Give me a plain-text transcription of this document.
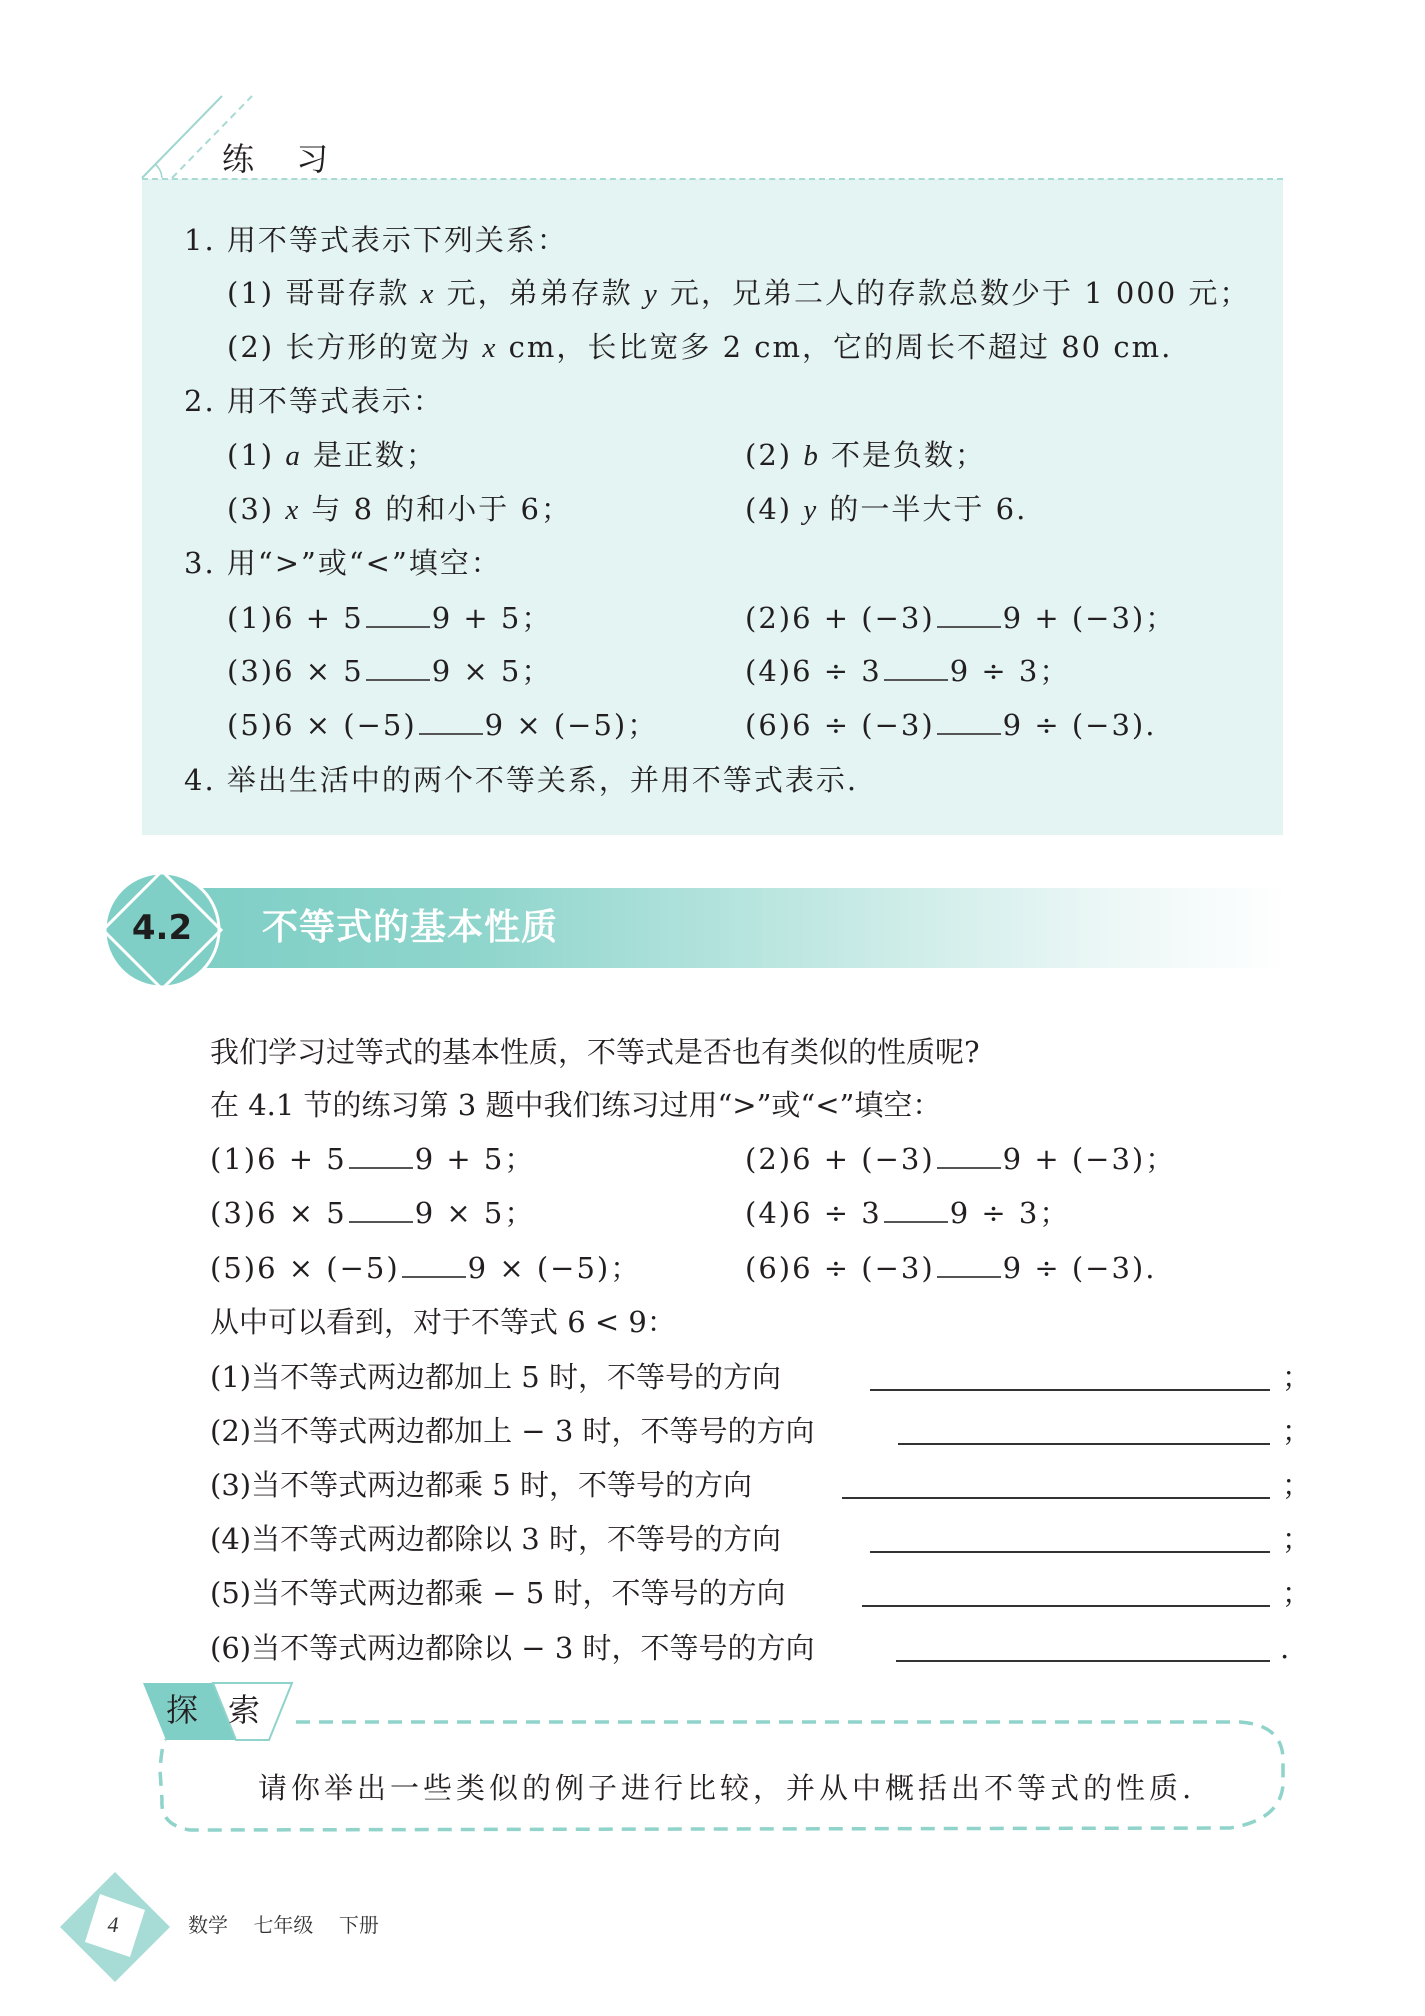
练 习
1. 用不等式表示下列关系：
(1) 哥哥存款 x 元，弟弟存款 y 元，兄弟二人的存款总数少于 1 000 元；
(2) 长方形的宽为 x cm，长比宽多 2 cm，它的周长不超过 80 cm.
2. 用不等式表示：
(1) a 是正数；	(2) b 不是负数；
(3) x 与 8 的和小于 6；	(4) y 的一半大于 6.
3. 用“>”或“<”填空：
(1)6 + 5 9 + 5；	(2)6 + (−3) 9 + (−3)；
(3)6 × 5 9 × 5；	(4)6 ÷ 3 9 ÷ 3；
(5)6 × (−5) 9 × (−5)；	(6)6 ÷ (−3) 9 ÷ (−3).
4. 举出生活中的两个不等关系，并用不等式表示.
4.2	不等式的基本性质
我们学习过等式的基本性质，不等式是否也有类似的性质呢?
在 4.1 节的练习第 3 题中我们练习过用“>”或“<”填空：
(1)6 + 5 9 + 5；	(2)6 + (−3) 9 + (−3)；
(3)6 × 5 9 × 5；	(4)6 ÷ 3 9 ÷ 3；
(5)6 × (−5) 9 × (−5)；	(6)6 ÷ (−3) 9 ÷ (−3).
从中可以看到，对于不等式 6 < 9：
(1)当不等式两边都加上 5 时，不等号的方向	；
(2)当不等式两边都加上 − 3 时，不等号的方向	；
(3)当不等式两边都乘 5 时，不等号的方向	；
(4)当不等式两边都除以 3 时，不等号的方向	；
(5)当不等式两边都乘 − 5 时，不等号的方向	；
(6)当不等式两边都除以 − 3 时，不等号的方向	.
探 索
请你举出一些类似的例子进行比较，并从中概括出不等式的性质.
4	数学    七年级    下册
